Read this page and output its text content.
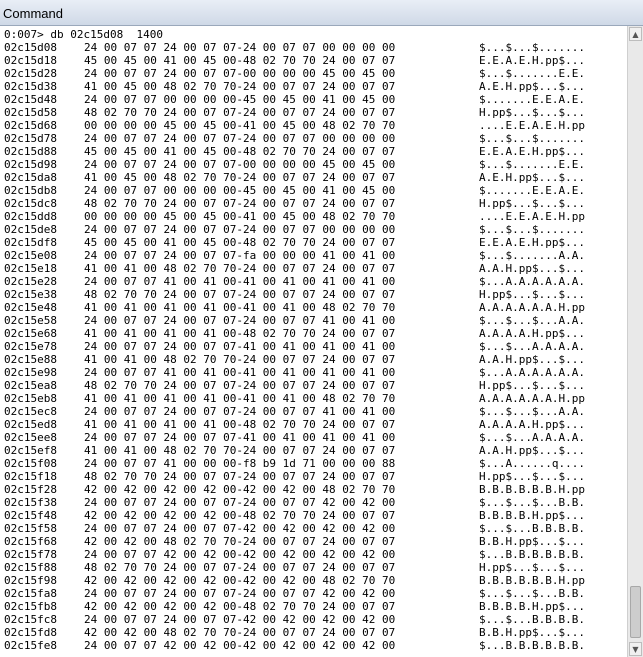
Command

0:007> db 02c15d08  1400

02c15d08 24 00 07 07 24 00 07 07-24 00 07 07 00 00 00 00	$...$...$.......
02c15d18 45 00 45 00 41 00 45 00-48 02 70 70 24 00 07 07	E.E.A.E.H.pp$...
02c15d28 24 00 07 07 24 00 07 07-00 00 00 00 45 00 45 00	$...$.......E.E.
02c15d38 41 00 45 00 48 02 70 70-24 00 07 07 24 00 07 07	A.E.H.pp$...$...
02c15d48 24 00 07 07 00 00 00 00-45 00 45 00 41 00 45 00	$.......E.E.A.E.
02c15d58 48 02 70 70 24 00 07 07-24 00 07 07 24 00 07 07	H.pp$...$...$...
02c15d68 00 00 00 00 45 00 45 00-41 00 45 00 48 02 70 70	....E.E.A.E.H.pp
02c15d78 24 00 07 07 24 00 07 07-24 00 07 07 00 00 00 00	$...$...$.......
02c15d88 45 00 45 00 41 00 45 00-48 02 70 70 24 00 07 07	E.E.A.E.H.pp$...
02c15d98 24 00 07 07 24 00 07 07-00 00 00 00 45 00 45 00	$...$.......E.E.
02c15da8 41 00 45 00 48 02 70 70-24 00 07 07 24 00 07 07	A.E.H.pp$...$...
02c15db8 24 00 07 07 00 00 00 00-45 00 45 00 41 00 45 00	$.......E.E.A.E.
02c15dc8 48 02 70 70 24 00 07 07-24 00 07 07 24 00 07 07	H.pp$...$...$...
02c15dd8 00 00 00 00 45 00 45 00-41 00 45 00 48 02 70 70	....E.E.A.E.H.pp
02c15de8 24 00 07 07 24 00 07 07-24 00 07 07 00 00 00 00	$...$...$.......
02c15df8 45 00 45 00 41 00 45 00-48 02 70 70 24 00 07 07	E.E.A.E.H.pp$...
02c15e08 24 00 07 07 24 00 07 07-fa 00 00 00 41 00 41 00	$...$.......A.A.
02c15e18 41 00 41 00 48 02 70 70-24 00 07 07 24 00 07 07	A.A.H.pp$...$...
02c15e28 24 00 07 07 41 00 41 00-41 00 41 00 41 00 41 00	$...A.A.A.A.A.A.
02c15e38 48 02 70 70 24 00 07 07-24 00 07 07 24 00 07 07	H.pp$...$...$...
02c15e48 41 00 41 00 41 00 41 00-41 00 41 00 48 02 70 70	A.A.A.A.A.A.H.pp
02c15e58 24 00 07 07 24 00 07 07-24 00 07 07 41 00 41 00	$...$...$...A.A.
02c15e68 41 00 41 00 41 00 41 00-48 02 70 70 24 00 07 07	A.A.A.A.H.pp$...
02c15e78 24 00 07 07 24 00 07 07-41 00 41 00 41 00 41 00	$...$...A.A.A.A.
02c15e88 41 00 41 00 48 02 70 70-24 00 07 07 24 00 07 07	A.A.H.pp$...$...
02c15e98 24 00 07 07 41 00 41 00-41 00 41 00 41 00 41 00	$...A.A.A.A.A.A.
02c15ea8 48 02 70 70 24 00 07 07-24 00 07 07 24 00 07 07	H.pp$...$...$...
02c15eb8 41 00 41 00 41 00 41 00-41 00 41 00 48 02 70 70	A.A.A.A.A.A.H.pp
02c15ec8 24 00 07 07 24 00 07 07-24 00 07 07 41 00 41 00	$...$...$...A.A.
02c15ed8 41 00 41 00 41 00 41 00-48 02 70 70 24 00 07 07	A.A.A.A.H.pp$...
02c15ee8 24 00 07 07 24 00 07 07-41 00 41 00 41 00 41 00	$...$...A.A.A.A.
02c15ef8 41 00 41 00 48 02 70 70-24 00 07 07 24 00 07 07	A.A.H.pp$...$...
02c15f08 24 00 07 07 41 00 00 00-f8 b9 1d 71 00 00 00 88	$...A......q....
02c15f18 48 02 70 70 24 00 07 07-24 00 07 07 24 00 07 07	H.pp$...$...$...
02c15f28 42 00 42 00 42 00 42 00-42 00 42 00 48 02 70 70	B.B.B.B.B.B.H.pp
02c15f38 24 00 07 07 24 00 07 07-24 00 07 07 42 00 42 00	$...$...$...B.B.
02c15f48 42 00 42 00 42 00 42 00-48 02 70 70 24 00 07 07	B.B.B.B.H.pp$...
02c15f58 24 00 07 07 24 00 07 07-42 00 42 00 42 00 42 00	$...$...B.B.B.B.
02c15f68 42 00 42 00 48 02 70 70-24 00 07 07 24 00 07 07	B.B.H.pp$...$...
02c15f78 24 00 07 07 42 00 42 00-42 00 42 00 42 00 42 00	$...B.B.B.B.B.B.
02c15f88 48 02 70 70 24 00 07 07-24 00 07 07 24 00 07 07	H.pp$...$...$...
02c15f98 42 00 42 00 42 00 42 00-42 00 42 00 48 02 70 70	B.B.B.B.B.B.H.pp
02c15fa8 24 00 07 07 24 00 07 07-24 00 07 07 42 00 42 00	$...$...$...B.B.
02c15fb8 42 00 42 00 42 00 42 00-48 02 70 70 24 00 07 07	B.B.B.B.H.pp$...
02c15fc8 24 00 07 07 24 00 07 07-42 00 42 00 42 00 42 00	$...$...B.B.B.B.
02c15fd8 42 00 42 00 48 02 70 70-24 00 07 07 24 00 07 07	B.B.H.pp$...$...
02c15fe8 24 00 07 07 42 00 42 00-42 00 42 00 42 00 42 00	$...B.B.B.B.B.B.
▲
▼
